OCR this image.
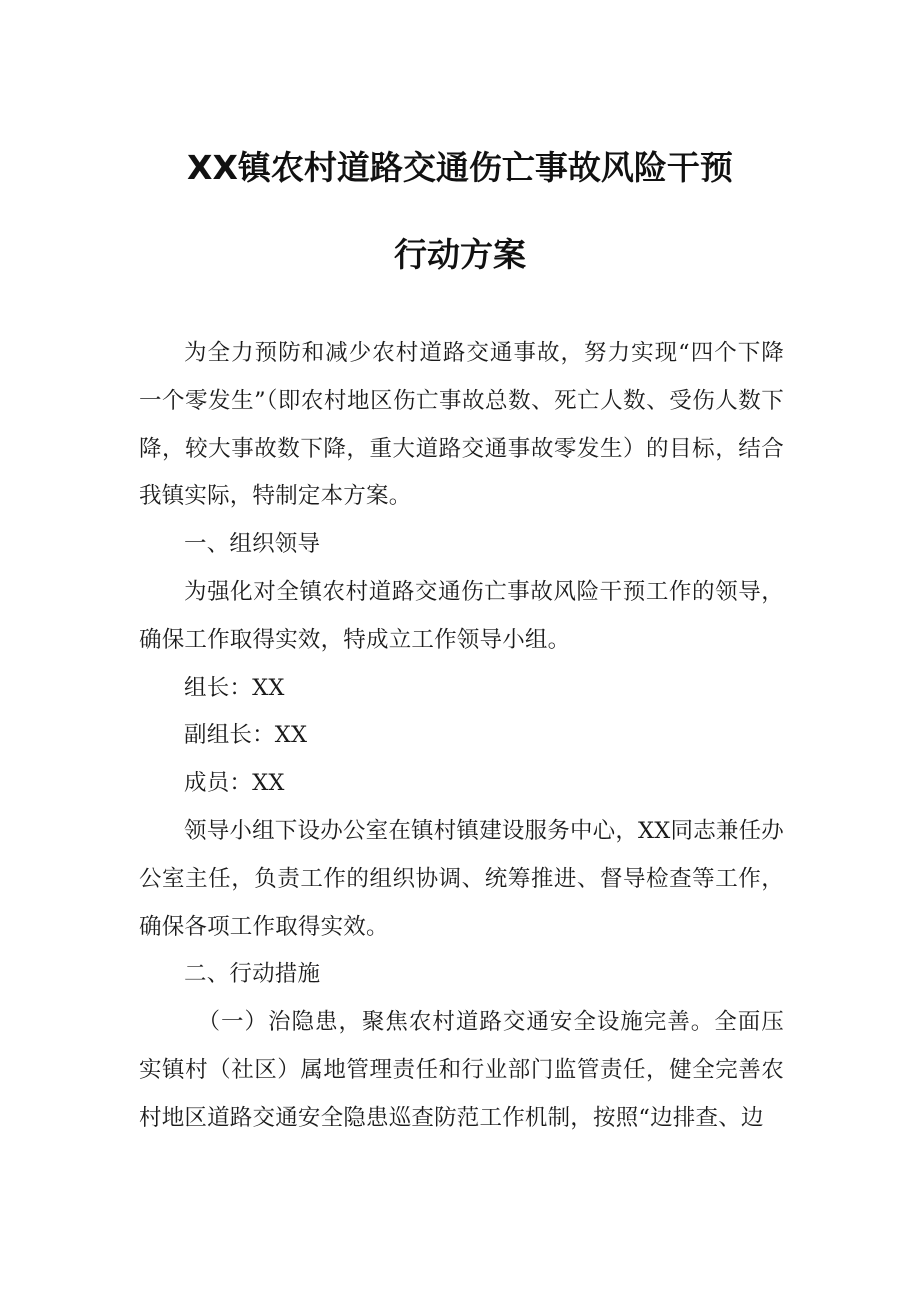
XX镇农村道路交通伤亡事故风险干预
行动方案

为全力预防和减少农村道路交通事故，努力实现“四个下降一个零发生”（即农村地区伤亡事故总数、死亡人数、受伤人数下降，较大事故数下降，重大道路交通事故零发生）的目标，结合我镇实际，特制定本方案。

一、组织领导

为强化对全镇农村道路交通伤亡事故风险干预工作的领导，确保工作取得实效，特成立工作领导小组。

组长：XX

副组长：XX

成员：XX

领导小组下设办公室在镇村镇建设服务中心，XX同志兼任办公室主任，负责工作的组织协调、统筹推进、督导检查等工作，确保各项工作取得实效。

二、行动措施

（一）治隐患，聚焦农村道路交通安全设施完善。全面压实镇村（社区）属地管理责任和行业部门监管责任，健全完善农村地区道路交通安全隐患巡查防范工作机制，按照“边排查、边
